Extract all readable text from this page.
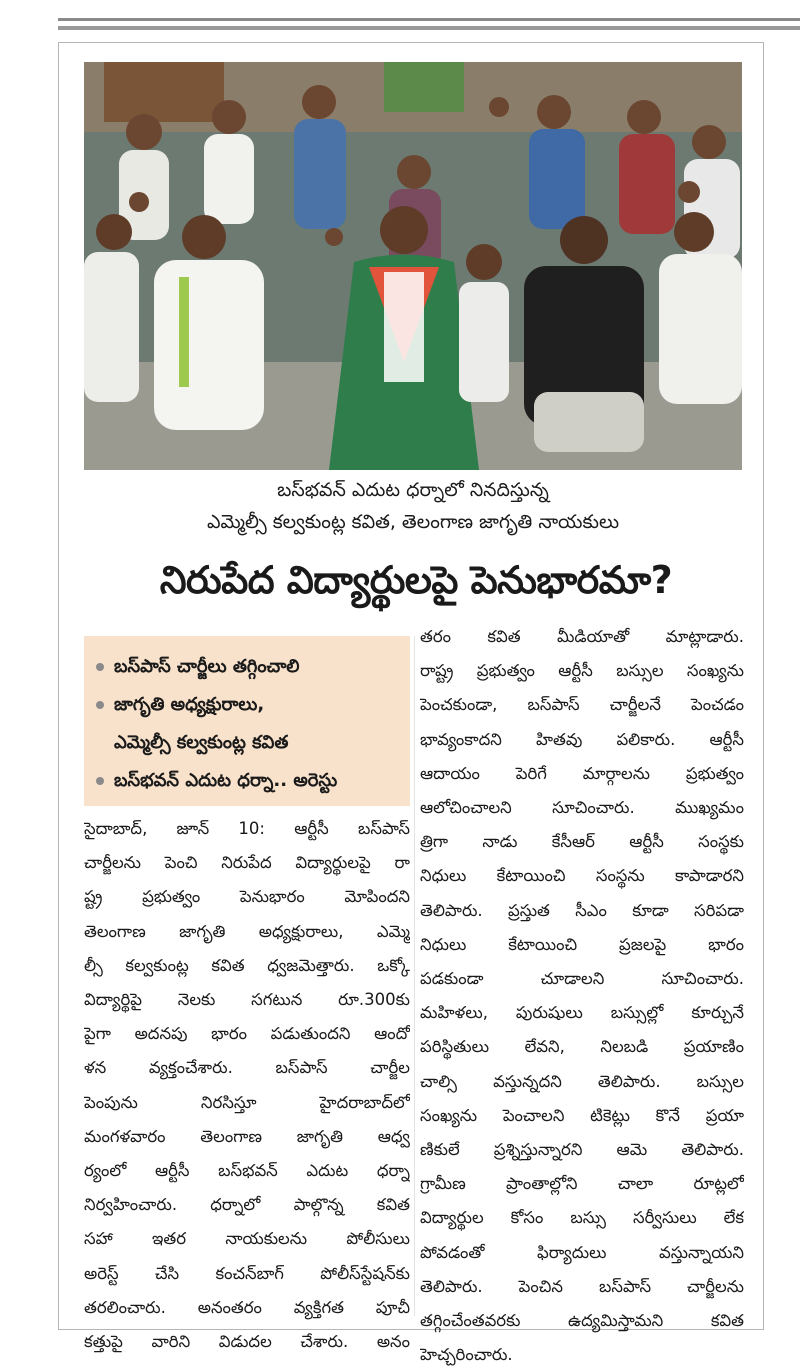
బస్‌భవన్ ఎదుట ధర్నాలో నినదిస్తున్న
ఎమ్మెల్సీ కల్వకుంట్ల కవిత, తెలంగాణ జాగృతి నాయకులు
నిరుపేద విద్యార్థులపై పెనుభారమా?
బస్‌పాస్ చార్జీలు తగ్గించాలి
జాగృతి అధ్యక్షురాలు,
ఎమ్మెల్సీ కల్వకుంట్ల కవిత
బస్‌భవన్ ఎదుట ధర్నా.. అరెస్టు
సైదాబాద్, జూన్ 10: ఆర్టీసీ బస్‌పాస్
చార్జీలను పెంచి నిరుపేద విద్యార్థులపై రా
ష్ట్ర ప్రభుత్వం పెనుభారం మోపిందని
తెలంగాణ జాగృతి అధ్యక్షురాలు, ఎమ్మె
ల్సీ కల్వకుంట్ల కవిత ధ్వజమెత్తారు. ఒక్కో
విద్యార్థిపై నెలకు సగటున రూ.300కు
పైగా అదనపు భారం పడుతుందని ఆందో
ళన వ్యక్తంచేశారు. బస్‌పాస్ చార్జీల
పెంపును నిరసిస్తూ హైదరాబాద్‌లో
మంగళవారం తెలంగాణ జాగృతి ఆధ్వ
ర్యంలో ఆర్టీసీ బస్‌భవన్ ఎదుట ధర్నా
నిర్వహించారు. ధర్నాలో పాల్గొన్న కవిత
సహా ఇతర నాయకులను పోలీసులు
అరెస్ట్ చేసి కంచన్‌బాగ్ పోలీస్‌స్టేషన్‌కు
తరలించారు. అనంతరం వ్యక్తిగత పూచీ
కత్తుపై వారిని విడుదల చేశారు. అనం
తరం కవిత మీడియాతో మాట్లాడారు.
రాష్ట్ర ప్రభుత్వం ఆర్టీసీ బస్సుల సంఖ్యను
పెంచకుండా, బస్‌పాస్ చార్జీలనే పెంచడం
భావ్యంకాదని హితవు పలికారు. ఆర్టీసీ
ఆదాయం పెరిగే మార్గాలను ప్రభుత్వం
ఆలోచించాలని సూచించారు. ముఖ్యమం
త్రిగా నాడు కేసీఆర్ ఆర్టీసీ సంస్థకు
నిధులు కేటాయించి సంస్థను కాపాడారని
తెలిపారు. ప్రస్తుత సీఎం కూడా సరిపడా
నిధులు కేటాయించి ప్రజలపై భారం
పడకుండా చూడాలని సూచించారు.
మహిళలు, పురుషులు బస్సుల్లో కూర్చునే
పరిస్థితులు లేవని, నిలబడి ప్రయాణిం
చాల్సి వస్తున్నదని తెలిపారు. బస్సుల
సంఖ్యను పెంచాలని టికెట్లు కొనే ప్రయా
ణికులే ప్రశ్నిస్తున్నారని ఆమె తెలిపారు.
గ్రామీణ ప్రాంతాల్లోని చాలా రూట్లలో
విద్యార్థుల కోసం బస్సు సర్వీసులు లేక
పోవడంతో ఫిర్యాదులు వస్తున్నాయని
తెలిపారు. పెంచిన బస్‌పాస్ చార్జీలను
తగ్గించేంతవరకు ఉద్యమిస్తామని కవిత
హెచ్చరించారు.
